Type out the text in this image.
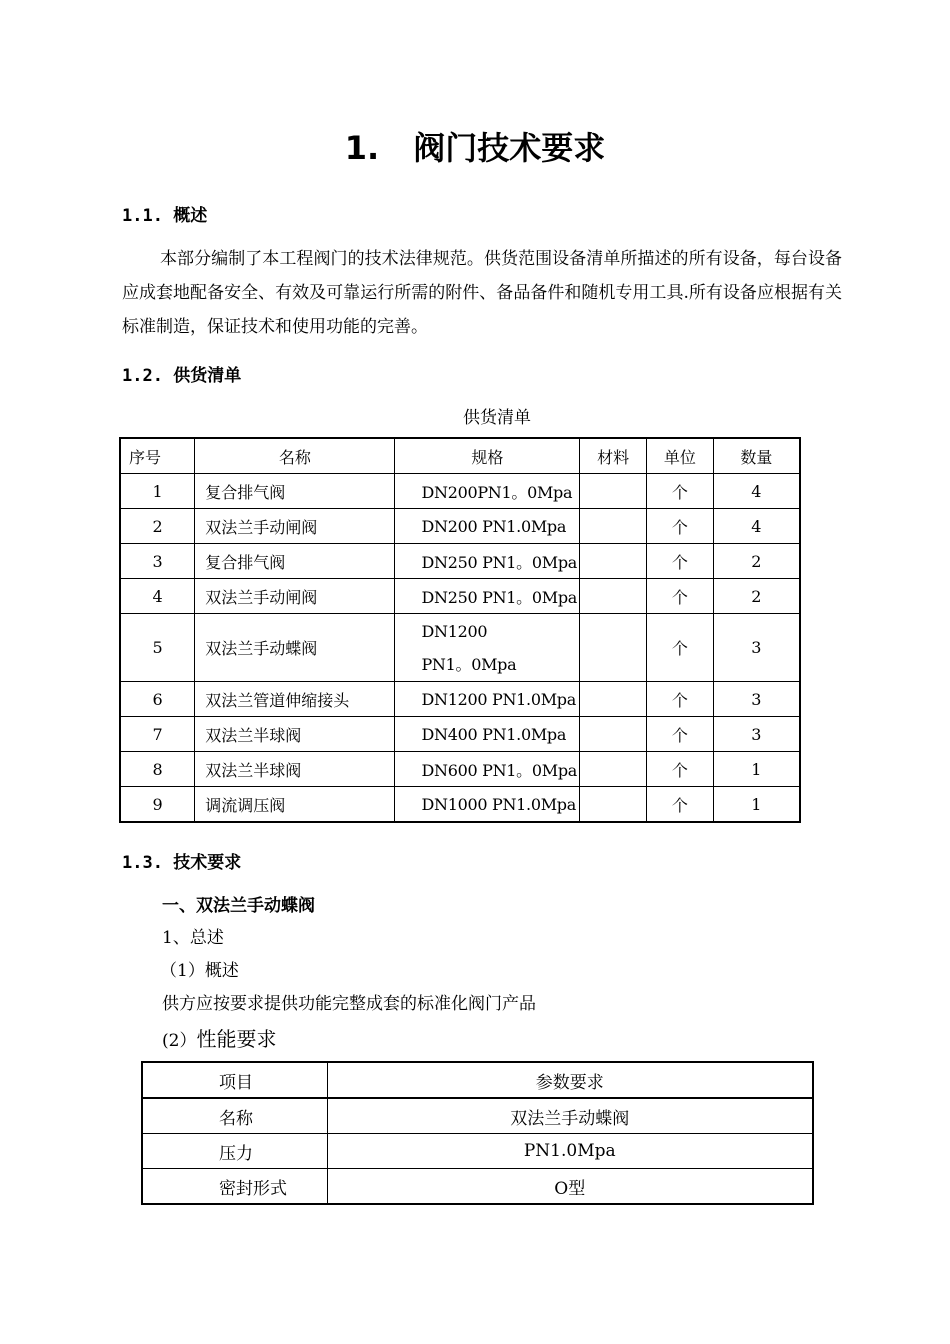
1. 阀门技术要求
1.1. 概述
本部分编制了本工程阀门的技术法律规范。供货范围设备清单所描述的所有设备，每台设备应成套地配备安全、有效及可靠运行所需的附件、备品备件和随机专用工具.所有设备应根据有关标准制造，保证技术和使用功能的完善。
1.2. 供货清单
供货清单
序号	名称	规格	材料	单位	数量
1	复合排气阀	DN200PN1。0Mpa		个	4
2	双法兰手动闸阀	DN200 PN1.0Mpa		个	4
3	复合排气阀	DN250 PN1。0Mpa		个	2
4	双法兰手动闸阀	DN250 PN1。0Mpa		个	2
5	双法兰手动蝶阀	DN1200
PN1。0Mpa		个	3
6	双法兰管道伸缩接头	DN1200 PN1.0Mpa		个	3
7	双法兰半球阀	DN400 PN1.0Mpa		个	3
8	双法兰半球阀	DN600 PN1。0Mpa		个	1
9	调流调压阀	DN1000 PN1.0Mpa		个	1
1.3. 技术要求
一、双法兰手动蝶阀
1、总述
（1）概述
供方应按要求提供功能完整成套的标准化阀门产品
(2）性能要求
项目	参数要求
名称	双法兰手动蝶阀
压力	PN1.0Mpa
密封形式	O型
